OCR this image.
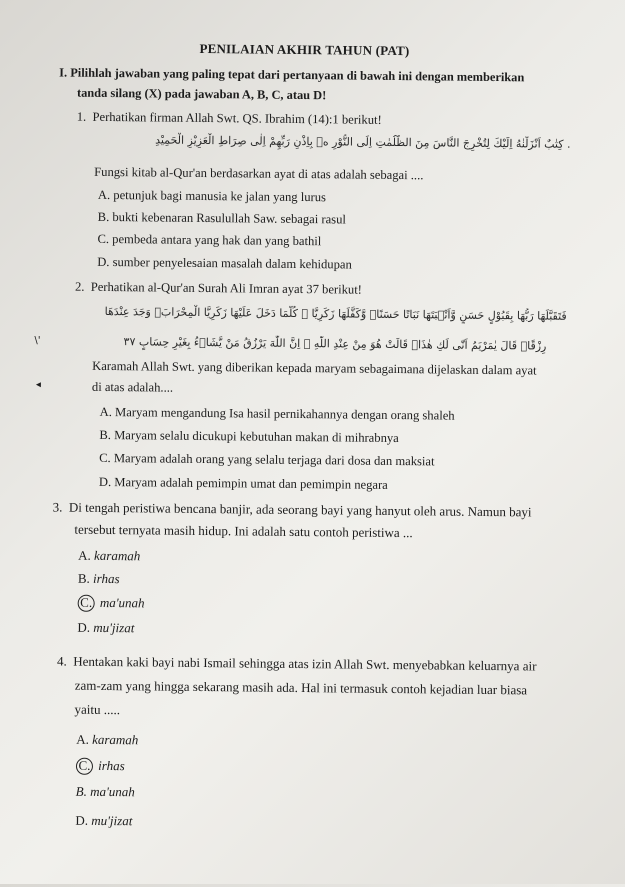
PENILAIAN AKHIR TAHUN (PAT)
I. Pilihlah jawaban yang paling tepat dari pertanyaan di bawah ini dengan memberikan
tanda silang (X) pada jawaban A, B, C, atau D!
1. Perhatikan firman Allah Swt. QS. Ibrahim (14):1 berikut!
. كِتٰبٌ اَنْزَلْنٰهُ اِلَيْكَ لِتُخْرِجَ النَّاسَ مِنَ الظُّلُمٰتِ اِلَى النُّوْرِ ەۙ بِاِذْنِ رَبِّهِمْ اِلٰى صِرَاطِ الْعَزِيْزِ الْحَمِيْدِ
Fungsi kitab al-Qur'an berdasarkan ayat di atas adalah sebagai ....
A. petunjuk bagi manusia ke jalan yang lurus
B. bukti kebenaran Rasulullah Saw. sebagai rasul
C. pembeda antara yang hak dan yang bathil
D. sumber penyelesaian masalah dalam kehidupan
2. Perhatikan al-Qur'an Surah Ali Imran ayat 37 berikut!
فَتَقَبَّلَهَا رَبُّهَا بِقَبُوْلٍ حَسَنٍ وَّاَنْۢبَتَهَا نَبَاتًا حَسَنًاۖ وَّكَفَّلَهَا زَكَرِيَّا ۗ كُلَّمَا دَخَلَ عَلَيْهَا زَكَرِيَّا الْمِحْرَابَۙ وَجَدَ عِنْدَهَا
رِزْقًاۚ قَالَ يٰمَرْيَمُ اَنّٰى لَكِ هٰذَاۗ قَالَتْ هُوَ مِنْ عِنْدِ اللّٰهِ ۗ اِنَّ اللّٰهَ يَرْزُقُ مَنْ يَّشَاۤءُ بِغَيْرِ حِسَابٍ ٣٧
\'
Karamah Allah Swt. yang diberikan kepada maryam sebagaimana dijelaskan dalam ayat
di atas adalah....
◂
A. Maryam mengandung Isa hasil pernikahannya dengan orang shaleh
B. Maryam selalu dicukupi kebutuhan makan di mihrabnya
C. Maryam adalah orang yang selalu terjaga dari dosa dan maksiat
D. Maryam adalah pemimpin umat dan pemimpin negara
3. Di tengah peristiwa bencana banjir, ada seorang bayi yang hanyut oleh arus. Namun bayi
tersebut ternyata masih hidup. Ini adalah satu contoh peristiwa ...
A. karamah
B. irhas
C. ma'unah
D. mu'jizat
4. Hentakan kaki bayi nabi Ismail sehingga atas izin Allah Swt. menyebabkan keluarnya air
zam-zam yang hingga sekarang masih ada. Hal ini termasuk contoh kejadian luar biasa
yaitu .....
A. karamah
C. irhas
B. ma'unah
D. mu'jizat
